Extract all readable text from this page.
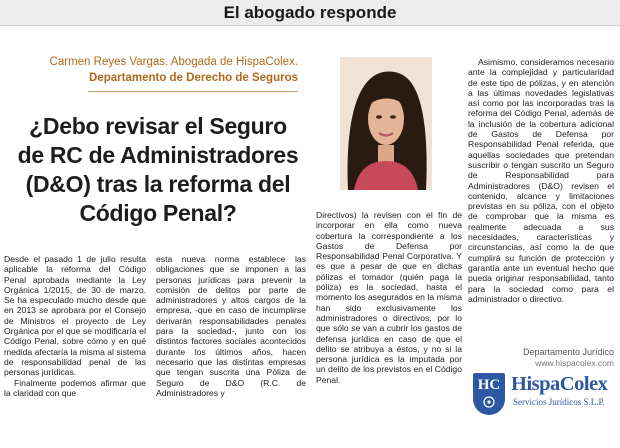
El abogado responde
Carmen Reyes Vargas. Abogada de HispaColex.
Departamento de Derecho de Seguros
¿Debo revisar el Seguro
de RC de Administradores
(D&O) tras la reforma del
Código Penal?

Desde el pasado 1 de julio resulta aplicable la reforma del Código Penal aprobada mediante la Ley Orgánica 1/2015, de 30 de marzo. Se ha especulado mucho desde que en 2013 se aprobara por el Consejo de Ministros el proyecto de Ley Orgánica por el que se modificaría el Código Penal, sobre cómo y en qué medida afectaría la misma al sistema de responsabilidad penal de las personas jurídicas.

Finalmente podemos afirmar que la claridad con que

esta nueva norma establece las obligaciones que se imponen a las personas jurídicas para prevenir la comisión de delitos por parte de administradores y altos cargos de la empresa, -que en caso de incumplirse derivarán responsabilidades penales para la sociedad-, junto con los distintos factores sociales acontecidos durante los últimos años, hacen necesario que las distintas empresas que tengan suscrita una Póliza de Seguro de D&O (R.C. de Administradores y

Directivos) la revisen con el fin de incorporar en ella como nueva cobertura la correspondiente a los Gastos de Defensa por Responsabilidad Penal Corporativa. Y es que a pesar de que en dichas pólizas el tomador (quién paga la póliza) es la sociedad, hasta el momento los asegurados en la misma han sido exclusivamente los administradores o directivos, por lo que sólo se van a cubrir los gastos de defensa jurídica en caso de que el delito se atribuya a éstos, y no si la persona jurídica es la imputada por un delito de los previstos en el Código Penal.

Asimismo, consideramos necesario ante la complejidad y particularidad de este tipo de pólizas, y en atención a las últimas novedades legislativas así como por las incorporadas tras la reforma del Código Penal, además de la inclusión de la cobertura adicional de Gastos de Defensa por Responsabilidad Penal referida, que aquellas sociedades que pretendan suscribir o tengan suscrito un Seguro de Responsabilidad para Administradores (D&O) revisen el contenido, alcance y limitaciones previstas en su póliza, con el objeto de comprobar que la misma es realmente adecuada a sus necesidades, características y circunstancias, así como la de que cumplirá su función de protección y garantía ante un eventual hecho que pueda originar responsabilidad, tanto para la sociedad como para el administrador o directivo.

Departamento Jurídico
www.hispacolex.com
HC HispaColex
Servicios Jurídicos S.L.P.
